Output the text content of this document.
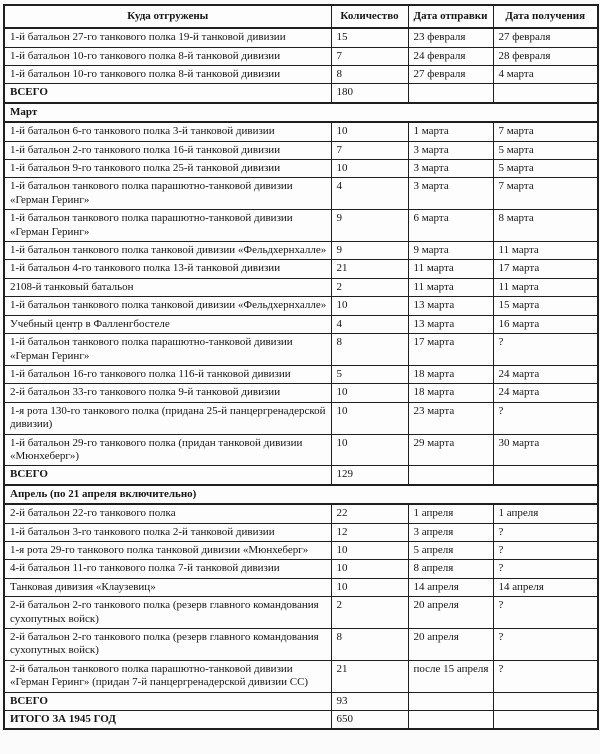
Куда отгружены	Количество	Дата отправки	Дата получения
1-й батальон 27-го танкового полка 19-й танковой дивизии	15	23 февраля	27 февраля
1-й батальон 10-го танкового полка 8-й танковой дивизии	7	24 февраля	28 февраля
1-й батальон 10-го танкового полка 8-й танковой дивизии	8	27 февраля	4 марта
ВСЕГО	180		
Март			
1-й батальон 6-го танкового полка 3-й танковой дивизии	10	1 марта	7 марта
1-й батальон 2-го танкового полка 16-й танковой дивизии	7	3 марта	5 марта
1-й батальон 9-го танкового полка 25-й танковой дивизии	10	3 марта	5 марта
1-й батальон танкового полка парашютно-танковой дивизии «Герман Геринг»	4	3 марта	7 марта
1-й батальон танкового полка парашютно-танковой дивизии «Герман Геринг»	9	6 марта	8 марта
1-й батальон танкового полка танковой дивизии «Фельдхернхалле»	9	9 марта	11 марта
1-й батальон 4-го танкового полка 13-й танковой дивизии	21	11 марта	17 марта
2108-й танковый батальон	2	11 марта	11 марта
1-й батальон танкового полка танковой дивизии «Фельдхернхалле»	10	13 марта	15 марта
Учебный центр в Фалленгбостеле	4	13 марта	16 марта
1-й батальон танкового полка парашютно-танковой дивизии «Герман Геринг»	8	17 марта	?
1-й батальон 16-го танкового полка 116-й танковой дивизии	5	18 марта	24 марта
2-й батальон 33-го танкового полка 9-й танковой дивизии	10	18 марта	24 марта
1-я рота 130-го танкового полка (придана 25-й панцергренадерской дивизии)	10	23 марта	?
1-й батальон 29-го танкового полка (придан танковой дивизии «Мюнхеберг»)	10	29 марта	30 марта
ВСЕГО	129		
Апрель (по 21 апреля включительно)			
2-й батальон 22-го танкового полка	22	1 апреля	1 апреля
1-й батальон 3-го танкового полка 2-й танковой дивизии	12	3 апреля	?
1-я рота 29-го танкового полка танковой дивизии «Мюнхеберг»	10	5 апреля	?
4-й батальон 11-го танкового полка 7-й танковой дивизии	10	8 апреля	?
Танковая дивизия «Клаузевиц»	10	14 апреля	14 апреля
2-й батальон 2-го танкового полка (резерв главного командования сухопутных войск)	2	20 апреля	?
2-й батальон 2-го танкового полка (резерв главного командования сухопутных войск)	8	20 апреля	?
2-й батальон танкового полка парашютно-танковой дивизии «Герман Геринг» (придан 7-й панцергренадерской дивизии СС)	21	после 15 апреля	?
ВСЕГО	93		
ИТОГО ЗА 1945 ГОД	650		
